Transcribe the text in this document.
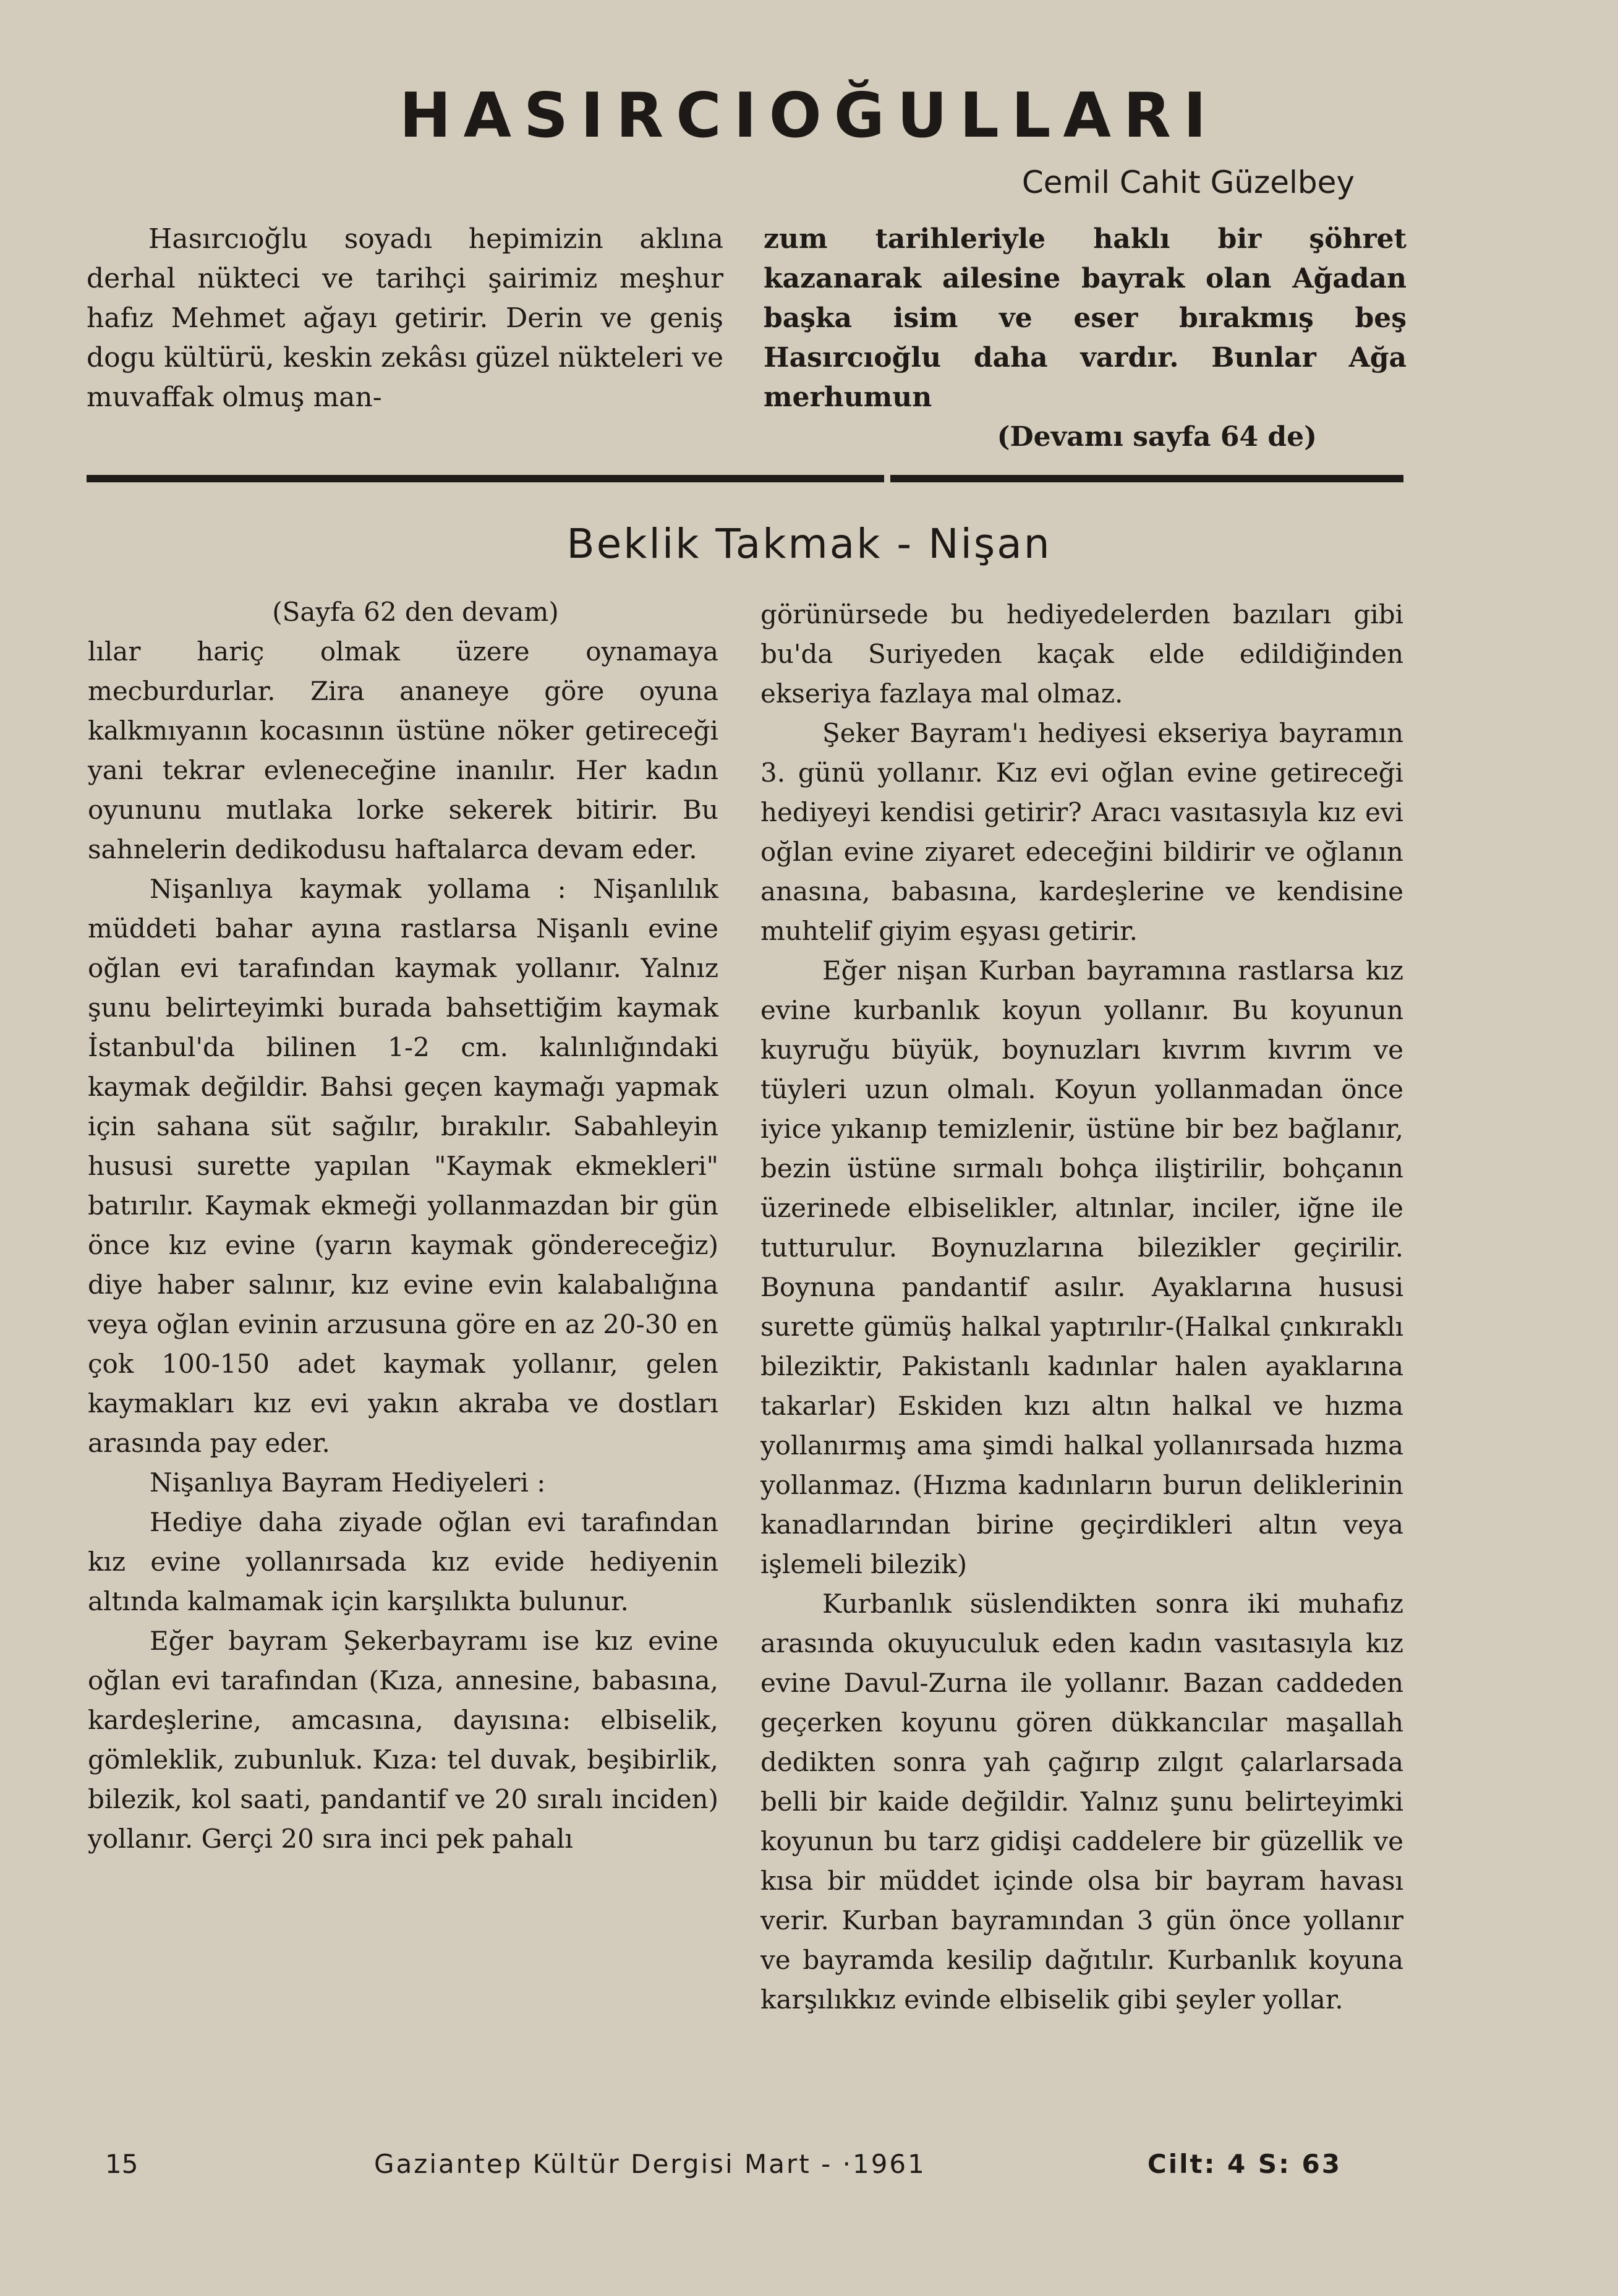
HASIRCIOĞULLARI
Cemil Cahit Güzelbey

Hasırcıoğlu soyadı hepimizin aklına derhal nükteci ve tarihçi şairimiz meşhur hafız Mehmet ağayı getirir. Derin ve geniş dogu kültürü, keskin zekâsı güzel nükteleri ve muvaffak olmuş man-

zum tarihleriyle haklı bir şöhret kazanarak ailesine bayrak olan Ağadan başka isim ve eser bırakmış beş Hasırcıoğlu daha vardır. Bunlar Ağa merhumun

(Devamı sayfa 64 de)

Beklik Takmak - Nişan

(Sayfa 62 den devam)

lılar hariç olmak üzere oynamaya mecburdurlar. Zira ananeye göre oyuna kalkmıyanın kocasının üstüne nöker getireceği yani tekrar evleneceğine inanılır. Her kadın oyununu mutlaka lorke sekerek bitirir. Bu sahnelerin dedikodusu haftalarca devam eder.

Nişanlıya kaymak yollama : Nişanlılık müddeti bahar ayına rastlarsa Nişanlı evine oğlan evi tarafından kaymak yollanır. Yalnız şunu belirteyimki burada bahsettiğim kaymak İstanbul'da bilinen 1-2 cm. kalınlığındaki kaymak değildir. Bahsi geçen kaymağı yapmak için sahana süt sağılır, bırakılır. Sabahleyin hususi surette yapılan "Kaymak ekmekleri" batırılır. Kaymak ekmeği yollanmazdan bir gün önce kız evine (yarın kaymak göndereceğiz) diye haber salınır, kız evine evin kalabalığına veya oğlan evinin arzusuna göre en az 20-30 en çok 100-150 adet kaymak yollanır, gelen kaymakları kız evi yakın akraba ve dostları arasında pay eder.

Nişanlıya Bayram Hediyeleri :

Hediye daha ziyade oğlan evi tarafından kız evine yollanırsada kız evide hediyenin altında kalmamak için karşılıkta bulunur.

Eğer bayram Şekerbayramı ise kız evine oğlan evi tarafından (Kıza, annesine, babasına, kardeşlerine, amcasına, dayısına: elbiselik, gömleklik, zubunluk. Kıza: tel duvak, beşibirlik, bilezik, kol saati, pandantif ve 20 sıralı inciden) yollanır. Gerçi 20 sıra inci pek pahalı

görünürsede bu hediyedelerden bazıları gibi bu'da Suriyeden kaçak elde edildiğinden ekseriya fazlaya mal olmaz.

Şeker Bayram'ı hediyesi ekseriya bayramın 3. günü yollanır. Kız evi oğlan evine getireceği hediyeyi kendisi getirir? Aracı vasıtasıyla kız evi oğlan evine ziyaret edeceğini bildirir ve oğlanın anasına, babasına, kardeşlerine ve kendisine muhtelif giyim eşyası getirir.

Eğer nişan Kurban bayramına rastlarsa kız evine kurbanlık koyun yollanır. Bu koyunun kuyruğu büyük, boynuzları kıvrım kıvrım ve tüyleri uzun olmalı. Koyun yollanmadan önce iyice yıkanıp temizlenir, üstüne bir bez bağlanır, bezin üstüne sırmalı bohça iliştirilir, bohçanın üzerinede elbiselikler, altınlar, inciler, iğne ile tutturulur. Boynuzlarına bilezikler geçirilir. Boynuna pandantif asılır. Ayaklarına hususi surette gümüş halkal yaptırılır-(Halkal çınkıraklı bileziktir, Pakistanlı kadınlar halen ayaklarına takarlar) Eskiden kızı altın halkal ve hızma yollanırmış ama şimdi halkal yollanırsada hızma yollanmaz. (Hızma kadınların burun deliklerinin kanadlarından birine geçirdikleri altın veya işlemeli bilezik)

Kurbanlık süslendikten sonra iki muhafız arasında okuyuculuk eden kadın vasıtasıyla kız evine Davul-Zurna ile yollanır. Bazan caddeden geçerken koyunu gören dükkancılar maşallah dedikten sonra yah çağırıp zılgıt çalarlarsada belli bir kaide değildir. Yalnız şunu belirteyimki koyunun bu tarz gidişi caddelere bir güzellik ve kısa bir müddet içinde olsa bir bayram havası verir. Kurban bayramından 3 gün önce yollanır ve bayramda kesilip dağıtılır. Kurbanlık koyuna karşılıkkız evinde elbiselik gibi şeyler yollar.

15	Gaziantep Kültür Dergisi Mart - ·1961	Cilt: 4 S: 63
